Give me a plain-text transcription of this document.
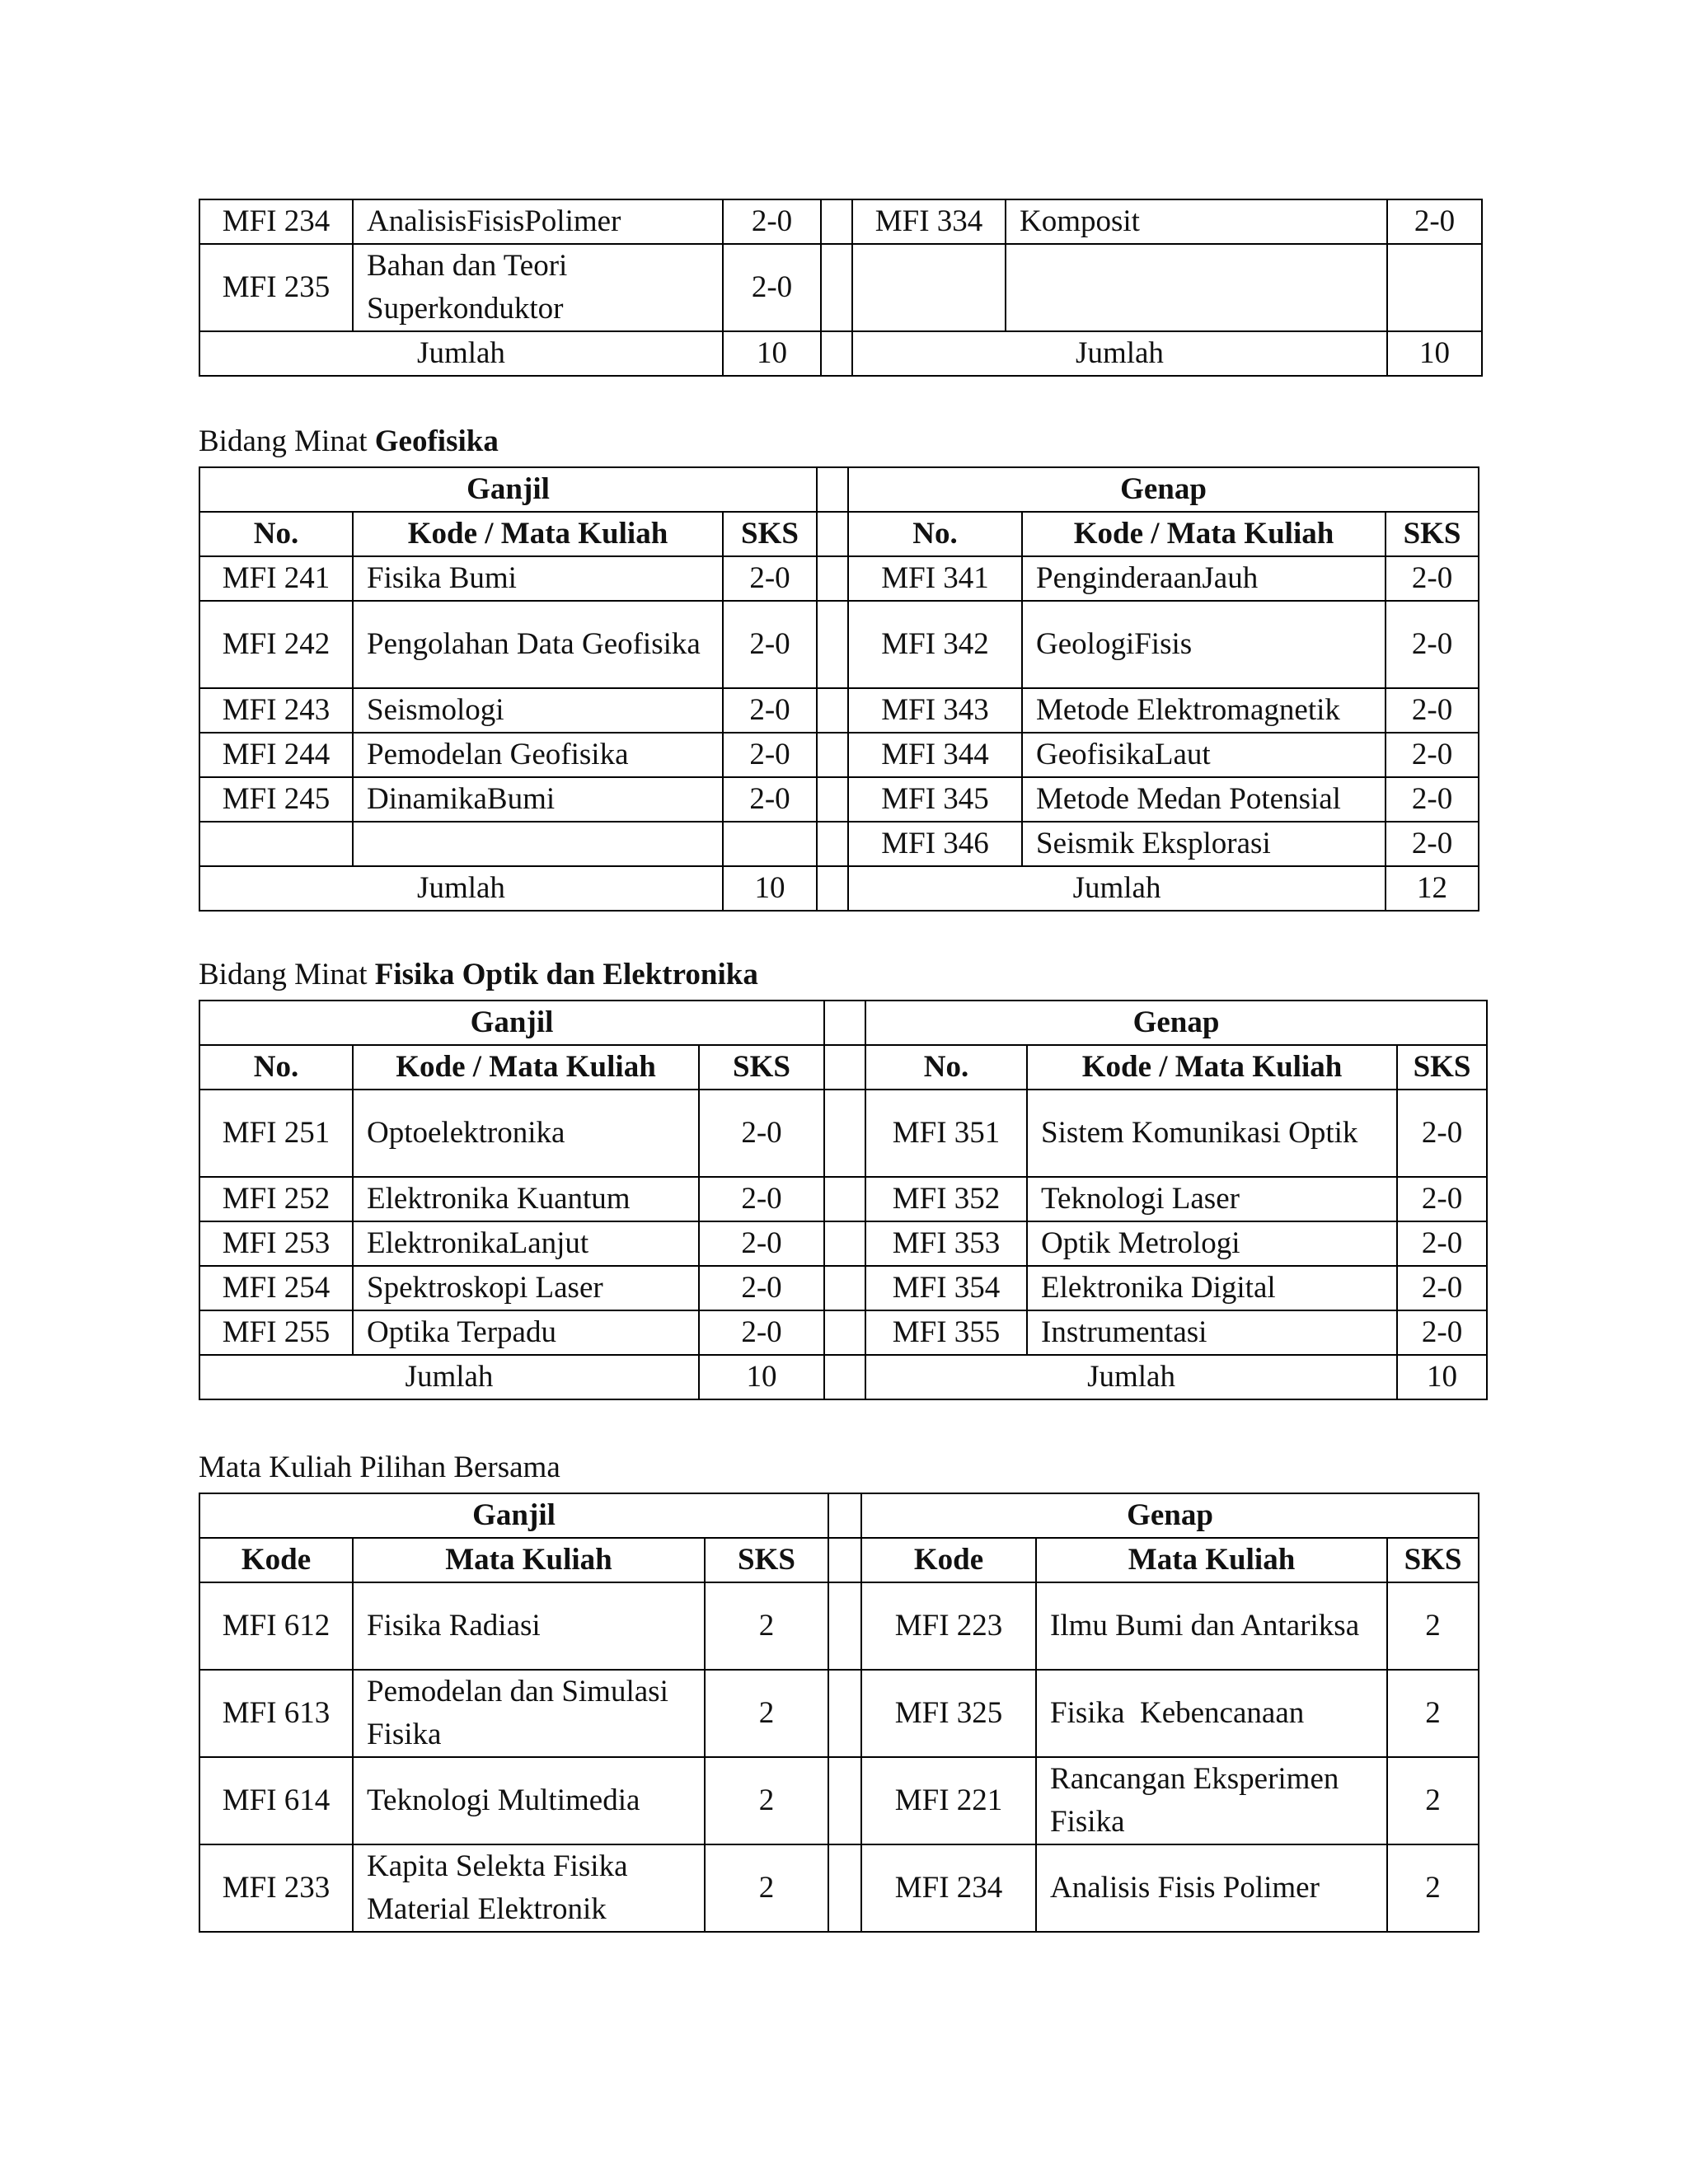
MFI 234	AnalisisFisisPolimer	2-0		MFI 334	Komposit	2-0
MFI 235	Bahan dan Teori Superkonduktor	2-0				
Jumlah		10		Jumlah		10
Bidang Minat Geofisika
Ganjil				Genap		
No.	Kode / Mata Kuliah	SKS		No.	Kode / Mata Kuliah	SKS
MFI 241	Fisika Bumi	2-0		MFI 341	PenginderaanJauh	2-0
MFI 242	Pengolahan Data Geofisika	2-0		MFI 342	GeologiFisis	2-0
MFI 243	Seismologi	2-0		MFI 343	Metode Elektromagnetik	2-0
MFI 244	Pemodelan Geofisika	2-0		MFI 344	GeofisikaLaut	2-0
MFI 245	DinamikaBumi	2-0		MFI 345	Metode Medan Potensial	2-0
				MFI 346	Seismik Eksplorasi	2-0
Jumlah		10		Jumlah		12
Bidang Minat Fisika Optik dan Elektronika
Ganjil				Genap		
No.	Kode / Mata Kuliah	SKS		No.	Kode / Mata Kuliah	SKS
MFI 251	Optoelektronika	2-0		MFI 351	Sistem Komunikasi Optik	2-0
MFI 252	Elektronika Kuantum	2-0		MFI 352	Teknologi Laser	2-0
MFI 253	ElektronikaLanjut	2-0		MFI 353	Optik Metrologi	2-0
MFI 254	Spektroskopi Laser	2-0		MFI 354	Elektronika Digital	2-0
MFI 255	Optika Terpadu	2-0		MFI 355	Instrumentasi	2-0
Jumlah		10		Jumlah		10
Mata Kuliah Pilihan Bersama
Ganjil				Genap		
Kode	Mata Kuliah	SKS		Kode	Mata Kuliah	SKS
MFI 612	Fisika Radiasi	2		MFI 223	Ilmu Bumi dan Antariksa	2
MFI 613	Pemodelan dan Simulasi Fisika	2		MFI 325	Fisika  Kebencanaan	2
MFI 614	Teknologi Multimedia	2		MFI 221	Rancangan Eksperimen Fisika	2
MFI 233	Kapita Selekta Fisika Material Elektronik	2		MFI 234	Analisis Fisis Polimer	2
